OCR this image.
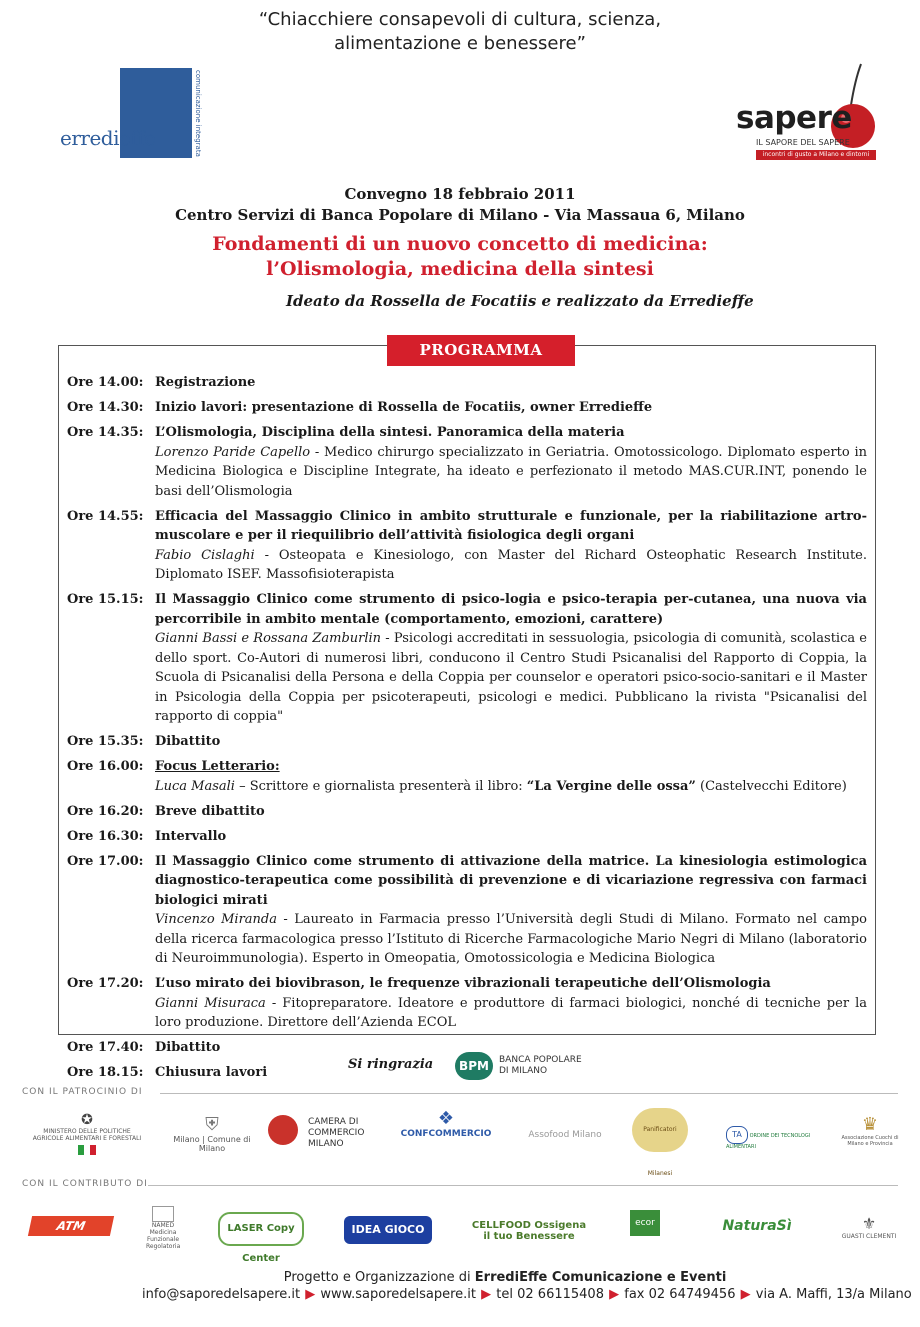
“Chiacchiere consapevoli di cultura, scienza,
alimentazione e benessere”
erredieffe	comunicazione integrata	sapere
IL SAPORE DEL SAPERE
incontri di gusto a Milano e dintorni
Convegno 18 febbraio 2011
Centro Servizi di Banca Popolare di Milano - Via Massaua 6, Milano
Fondamenti di un nuovo concetto di medicina:
l’Olismologia, medicina della sintesi
Ideato da Rossella de Focatiis e realizzato da Erredieffe
PROGRAMMA
Ore 14.00: Registrazione
Ore 14.30: Inizio lavori: presentazione di Rossella de Focatiis, owner Erredieffe
Ore 14.35: L’Olismologia, Disciplina della sintesi. Panoramica della materia
Lorenzo Paride Capello - Medico chirurgo specializzato in Geriatria. Omotossicologo. Diplomato esperto in Medicina Biologica e Discipline Integrate, ha ideato e perfezionato il metodo MAS.CUR.INT, ponendo le basi dell’Olismologia
Ore 14.55: Efficacia del Massaggio Clinico in ambito strutturale e funzionale, per la riabilitazione artro-muscolare e per il riequilibrio dell’attività fisiologica degli organi
Fabio Cislaghi - Osteopata e Kinesiologo, con Master del Richard Osteophatic Research Institute. Diplomato ISEF. Massofisioterapista
Ore 15.15: Il Massaggio Clinico come strumento di psico-logia e psico-terapia per-cutanea, una nuova via percorribile in ambito mentale (comportamento, emozioni, carattere)
Gianni Bassi e Rossana Zamburlin - Psicologi accreditati in sessuologia, psicologia di comunità, scolastica e dello sport. Co-Autori di numerosi libri, conducono il Centro Studi Psicanalisi del Rapporto di Coppia, la Scuola di Psicanalisi della Persona e della Coppia per counselor e operatori psico-socio-sanitari e il Master in Psicologia della Coppia per psicoterapeuti, psicologi e medici. Pubblicano la rivista "Psicanalisi del rapporto di coppia"
Ore 15.35: Dibattito
Ore 16.00: Focus Letterario:
Luca Masali – Scrittore e giornalista presenterà il libro: “La Vergine delle ossa” (Castelvecchi Editore)
Ore 16.20: Breve dibattito
Ore 16.30: Intervallo
Ore 17.00: Il Massaggio Clinico come strumento di attivazione della matrice. La kinesiologia estimologica diagnostico-terapeutica come possibilità di prevenzione e di vicariazione regressiva con farmaci biologici mirati
Vincenzo Miranda - Laureato in Farmacia presso l’Università degli Studi di Milano. Formato nel campo della ricerca farmacologica presso l’Istituto di Ricerche Farmacologiche Mario Negri di Milano (laboratorio di Neuroimmunologia). Esperto in Omeopatia, Omotossicologia e Medicina Biologica
Ore 17.20: L’uso mirato dei biovibrason, le frequenze vibrazionali terapeutiche dell’Olismologia
Gianni Misuraca - Fitopreparatore. Ideatore e produttore di farmaci biologici, nonché di tecniche per la loro produzione. Direttore dell’Azienda ECOL
Ore 17.40: Dibattito
Ore 18.15: Chiusura lavori
Si ringrazia	BPM	BANCA POPOLARE
DI MILANO
CON IL PATROCINIO DI
✪
MINISTERO DELLE POLITICHE AGRICOLE ALIMENTARI E FORESTALI
⛨
Milano | Comune di Milano
CAMERA DI COMMERCIO MILANO
❖
CONFCOMMERCIO	Assofood Milano
Panificatori Milanesi
TA ORDINE DEI TECNOLOGI ALIMENTARI
♛
Associazione Cuochi di Milano e Provincia
CON IL CONTRIBUTO DI
ATM	NAMED Medicina Funzionale Regolatoria
LASER Copy Center
IDEA GIOCO	CELLFOOD Ossigena il tuo Benessere
ecor	NaturaSì	⚜
GUASTI CLEMENTI
Progetto e Organizzazione di ErrediEffe Comunicazione e Eventi
info@saporedelsapere.it ▶ www.saporedelsapere.it ▶ tel 02 66115408 ▶ fax 02 64749456 ▶ via A. Maffi, 13/a Milano
